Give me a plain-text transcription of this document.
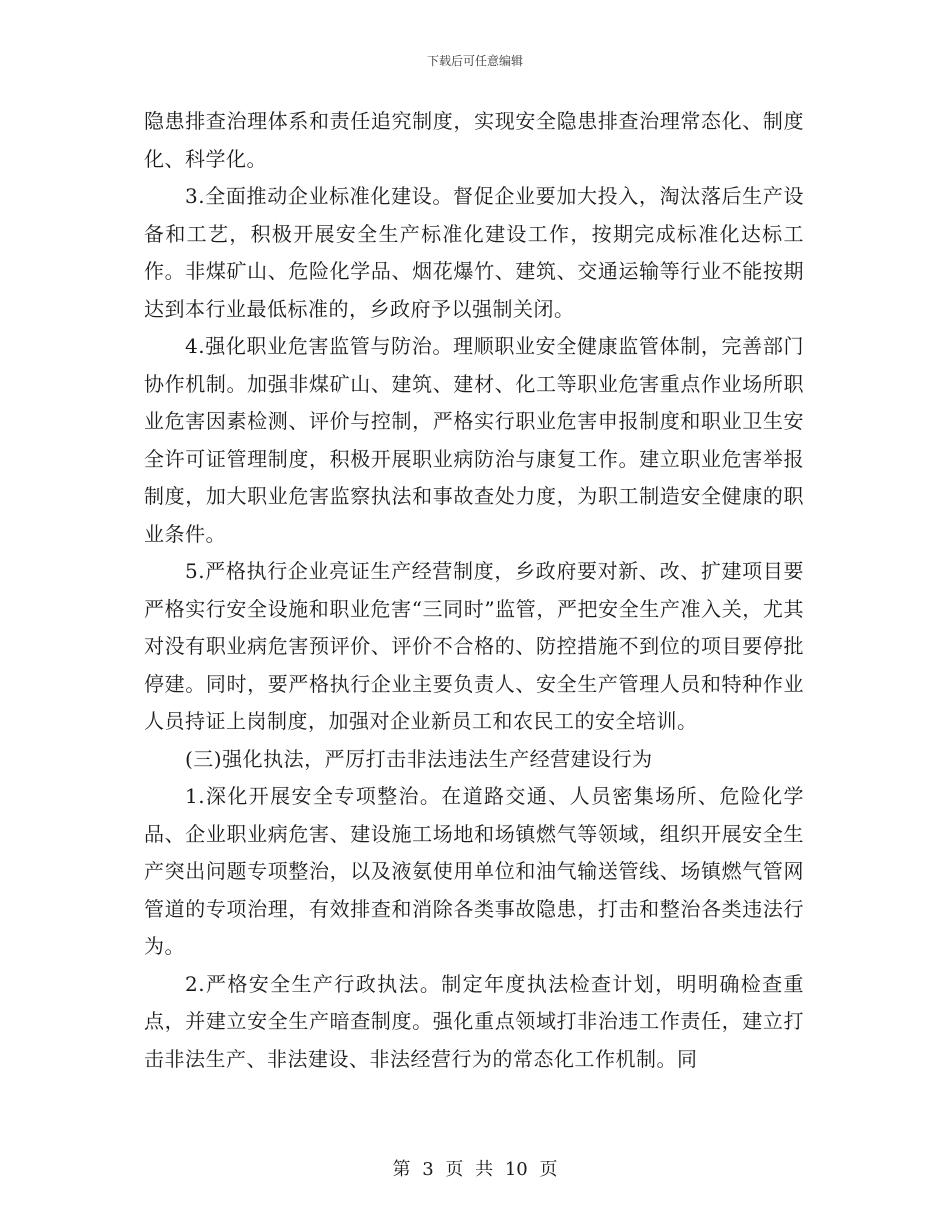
下载后可任意编辑

隐患排查治理体系和责任追究制度，实现安全隐患排查治理常态化、制度化、科学化。

3.全面推动企业标准化建设。督促企业要加大投入，淘汰落后生产设备和工艺，积极开展安全生产标准化建设工作，按期完成标准化达标工作。非煤矿山、危险化学品、烟花爆竹、建筑、交通运输等行业不能按期达到本行业最低标准的，乡政府予以强制关闭。

4.强化职业危害监管与防治。理顺职业安全健康监管体制，完善部门协作机制。加强非煤矿山、建筑、建材、化工等职业危害重点作业场所职业危害因素检测、评价与控制，严格实行职业危害申报制度和职业卫生安全许可证管理制度，积极开展职业病防治与康复工作。建立职业危害举报制度，加大职业危害监察执法和事故查处力度，为职工制造安全健康的职业条件。

5.严格执行企业亮证生产经营制度，乡政府要对新、改、扩建项目要严格实行安全设施和职业危害“三同时”监管，严把安全生产准入关，尤其对没有职业病危害预评价、评价不合格的、防控措施不到位的项目要停批停建。同时，要严格执行企业主要负责人、安全生产管理人员和特种作业人员持证上岗制度，加强对企业新员工和农民工的安全培训。

(三)强化执法，严厉打击非法违法生产经营建设行为

1.深化开展安全专项整治。在道路交通、人员密集场所、危险化学品、企业职业病危害、建设施工场地和场镇燃气等领域，组织开展安全生产突出问题专项整治，以及液氨使用单位和油气输送管线、场镇燃气管网管道的专项治理，有效排查和消除各类事故隐患，打击和整治各类违法行为。

2.严格安全生产行政执法。制定年度执法检查计划，明明确检查重点，并建立安全生产暗查制度。强化重点领域打非治违工作责任，建立打击非法生产、非法建设、非法经营行为的常态化工作机制。同

第 3 页 共 10 页
